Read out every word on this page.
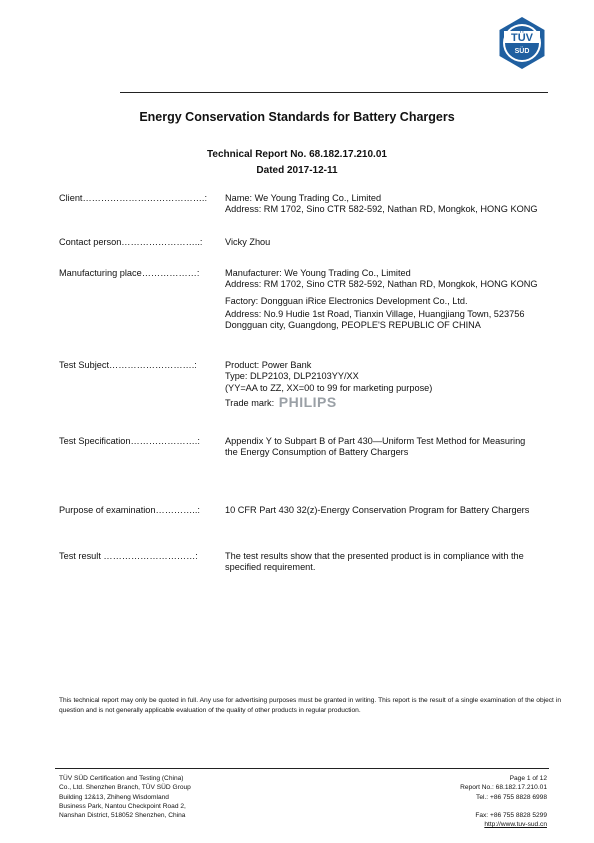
TÜV
SÜD
Energy Conservation Standards for Battery Chargers
Technical Report No. 68.182.17.210.01
Dated 2017-12-11
Client………………………………….:	Name: We Young Trading Co., Limited

Address: RM 1702, Sino CTR 582-592, Nathan RD, Mongkok, HONG KONG

Contact person……………………..:	Vicky Zhou

Manufacturing place………………:	Manufacturer: We Young Trading Co., Limited

Address: RM 1702, Sino CTR 582-592, Nathan RD, Mongkok, HONG KONG

Factory: Dongguan iRice Electronics Development Co., Ltd.

Address: No.9 Hudie 1st Road, Tianxin Village, Huangjiang Town, 523756

Dongguan city, Guangdong, PEOPLE'S REPUBLIC OF CHINA

Test Subject……………………….:	Product: Power Bank

Type: DLP2103, DLP2103YY/XX

(YY=AA to ZZ, XX=00 to 99 for marketing purpose)

Trade mark: PHILIPS

Test Specification………………….:	Appendix Y to Subpart B of Part 430—Uniform Test Method for Measuring

the Energy Consumption of Battery Chargers

Purpose of examination…………..:	10 CFR Part 430 32(z)-Energy Conservation Program for Battery Chargers

Test result …………………………:	The test results show that the presented product is in compliance with the

specified requirement.

This technical report may only be quoted in full. Any use for advertising purposes must be granted in writing. This report is the result of a single examination of the object in question and is not generally applicable evaluation of the quality of other products in regular production.

TÜV SÜD Certification and Testing (China)

Co., Ltd. Shenzhen Branch, TÜV SÜD Group

Building 12&13, Zhiheng Wisdomland

Business Park, Nantou Checkpoint Road 2,

Nanshan District, 518052 Shenzhen, China

Page 1 of 12

Report No.: 68.182.17.210.01

Tel.: +86 755 8828 6998

Fax: +86 755 8828 5299

http://www.tuv-sud.cn
